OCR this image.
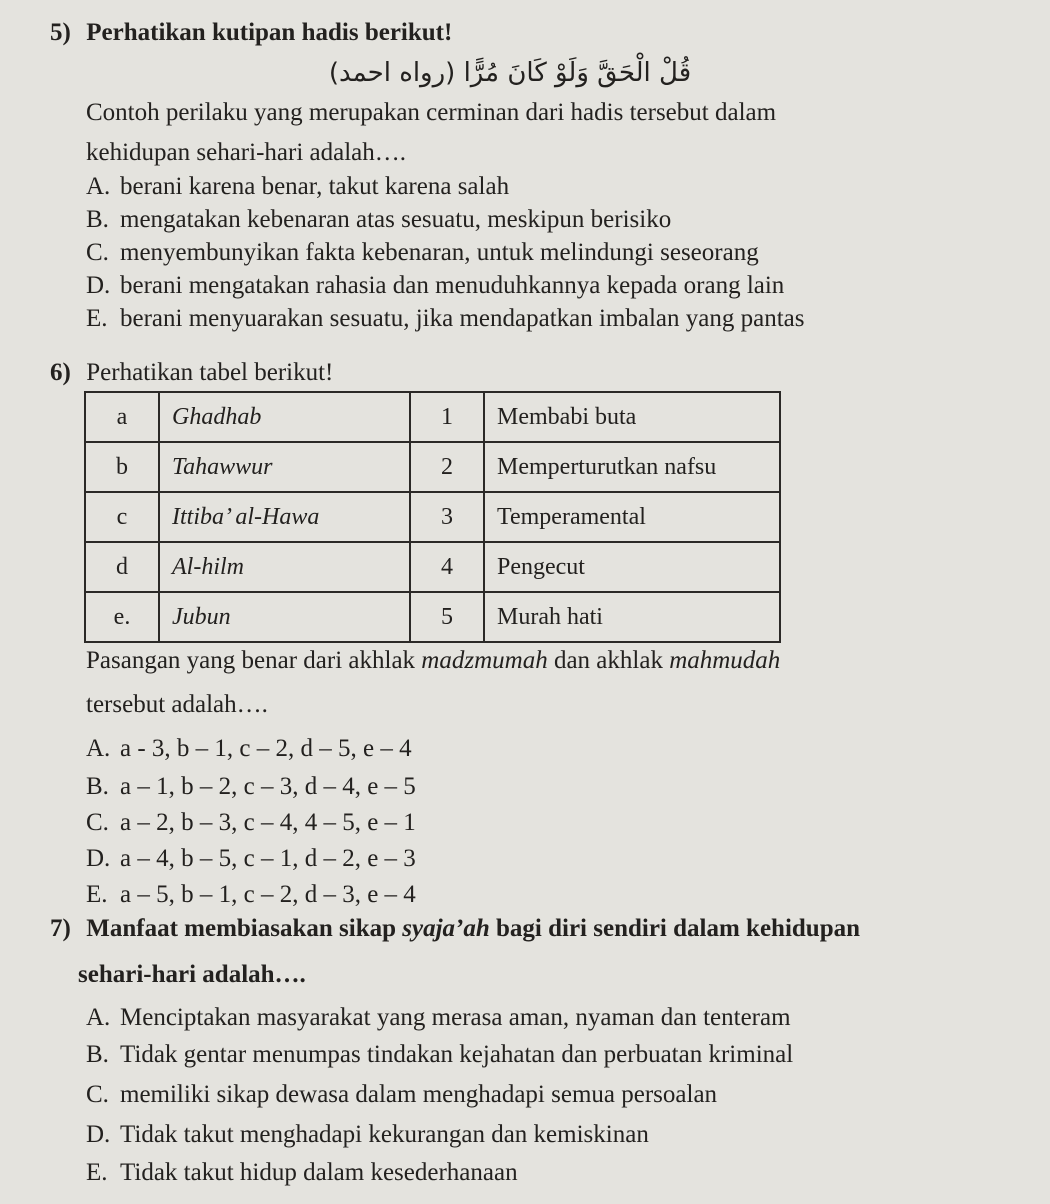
5) Perhatikan kutipan hadis berikut!
قُلْ الْحَقَّ وَلَوْ كَانَ مُرًّا (رواه احمد)
Contoh perilaku yang merupakan cerminan dari hadis tersebut dalam
kehidupan sehari-hari adalah….
A. berani karena benar, takut karena salah
B. mengatakan kebenaran atas sesuatu, meskipun berisiko
C. menyembunyikan fakta kebenaran, untuk melindungi seseorang
D. berani mengatakan rahasia dan menuduhkannya kepada orang lain
E. berani menyuarakan sesuatu, jika mendapatkan imbalan yang pantas
6) Perhatikan tabel berikut!
a	Ghadhab	1	Membabi buta
b	Tahawwur	2	Memperturutkan nafsu
c	Ittiba’ al-Hawa	3	Temperamental
d	Al-hilm	4	Pengecut
e.	Jubun	5	Murah hati
Pasangan yang benar dari akhlak madzmumah dan akhlak mahmudah
tersebut adalah….
A. a - 3, b – 1, c – 2, d – 5, e – 4
B. a – 1, b – 2, c – 3, d – 4, e – 5
C. a – 2, b – 3, c – 4, 4 – 5, e – 1
D. a – 4, b – 5, c – 1, d – 2, e – 3
E. a – 5, b – 1, c – 2, d – 3, e – 4
7) Manfaat membiasakan sikap syaja’ah bagi diri sendiri dalam kehidupan
sehari-hari adalah….
A. Menciptakan masyarakat yang merasa aman, nyaman dan tenteram
B. Tidak gentar menumpas tindakan kejahatan dan perbuatan kriminal
C. memiliki sikap dewasa dalam menghadapi semua persoalan
D. Tidak takut menghadapi kekurangan dan kemiskinan
E. Tidak takut hidup dalam kesederhanaan
